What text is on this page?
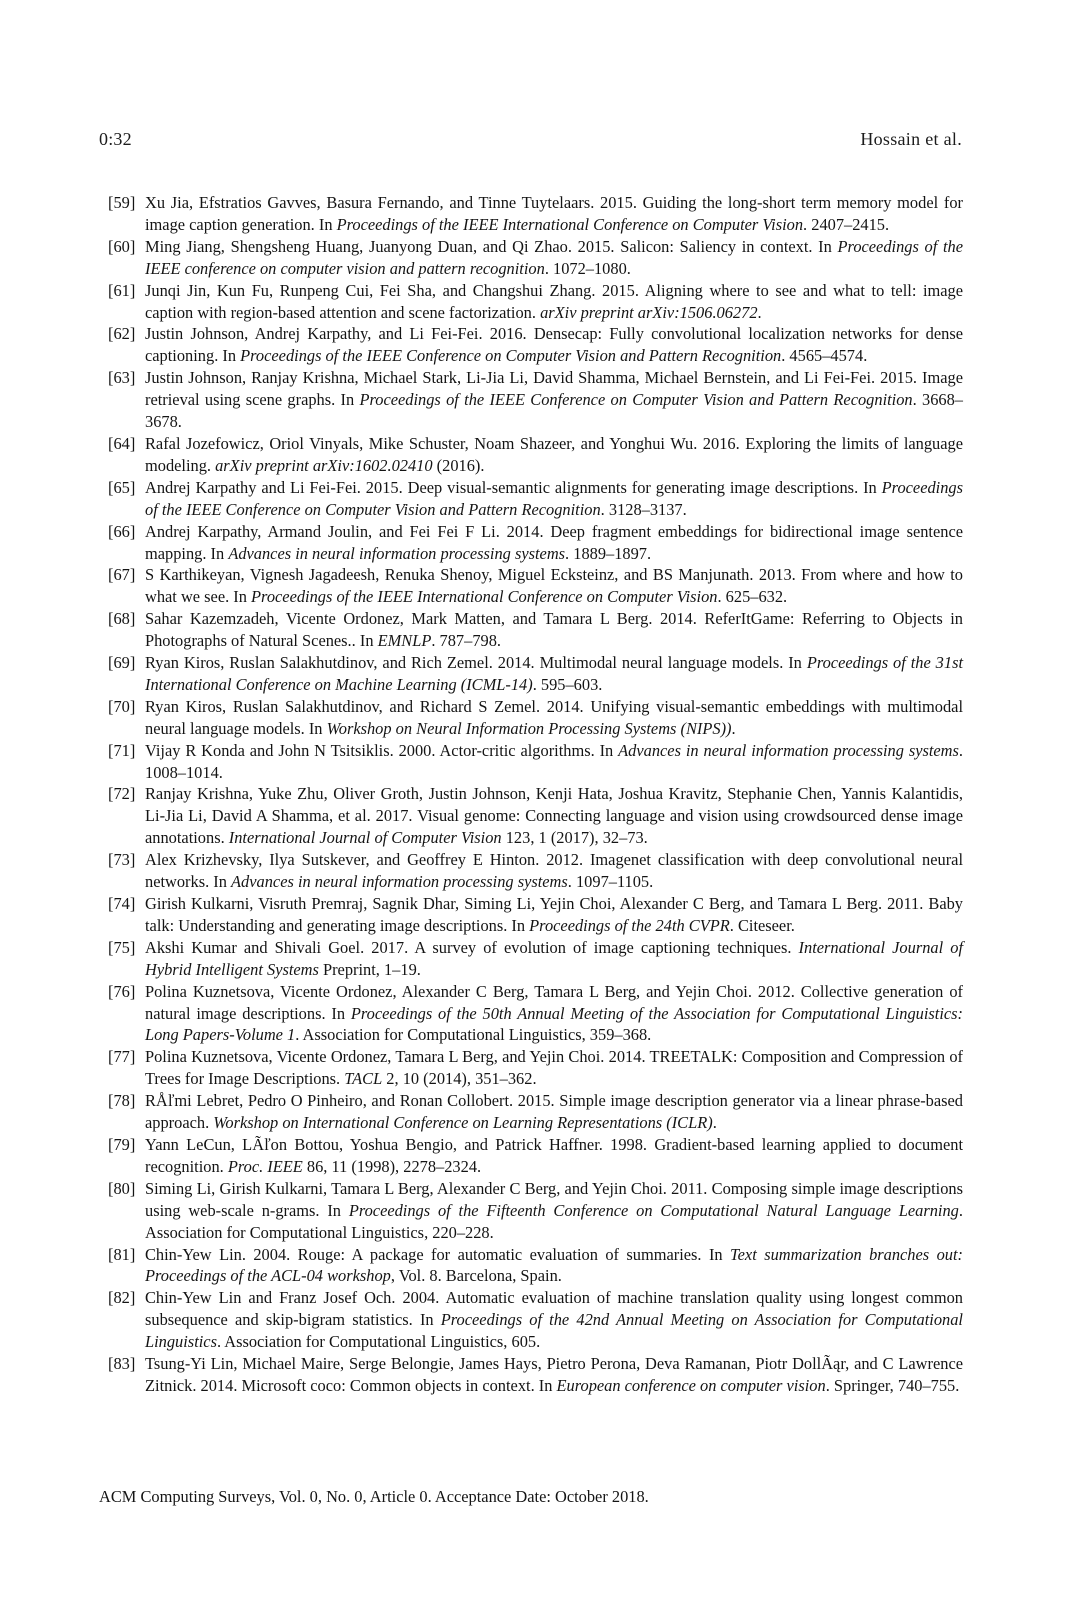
0:32	Hossain et al.
[59] Xu Jia, Efstratios Gavves, Basura Fernando, and Tinne Tuytelaars. 2015. Guiding the long-short term memory model for image caption generation. In Proceedings of the IEEE International Conference on Computer Vision. 2407–2415.
[60] Ming Jiang, Shengsheng Huang, Juanyong Duan, and Qi Zhao. 2015. Salicon: Saliency in context. In Proceedings of the IEEE conference on computer vision and pattern recognition. 1072–1080.
[61] Junqi Jin, Kun Fu, Runpeng Cui, Fei Sha, and Changshui Zhang. 2015. Aligning where to see and what to tell: image caption with region-based attention and scene factorization. arXiv preprint arXiv:1506.06272.
[62] Justin Johnson, Andrej Karpathy, and Li Fei-Fei. 2016. Densecap: Fully convolutional localization networks for dense captioning. In Proceedings of the IEEE Conference on Computer Vision and Pattern Recognition. 4565–4574.
[63] Justin Johnson, Ranjay Krishna, Michael Stark, Li-Jia Li, David Shamma, Michael Bernstein, and Li Fei-Fei. 2015. Image retrieval using scene graphs. In Proceedings of the IEEE Conference on Computer Vision and Pattern Recognition. 3668–3678.
[64] Rafal Jozefowicz, Oriol Vinyals, Mike Schuster, Noam Shazeer, and Yonghui Wu. 2016. Exploring the limits of language modeling. arXiv preprint arXiv:1602.02410 (2016).
[65] Andrej Karpathy and Li Fei-Fei. 2015. Deep visual-semantic alignments for generating image descriptions. In Proceedings of the IEEE Conference on Computer Vision and Pattern Recognition. 3128–3137.
[66] Andrej Karpathy, Armand Joulin, and Fei Fei F Li. 2014. Deep fragment embeddings for bidirectional image sentence mapping. In Advances in neural information processing systems. 1889–1897.
[67] S Karthikeyan, Vignesh Jagadeesh, Renuka Shenoy, Miguel Ecksteinz, and BS Manjunath. 2013. From where and how to what we see. In Proceedings of the IEEE International Conference on Computer Vision. 625–632.
[68] Sahar Kazemzadeh, Vicente Ordonez, Mark Matten, and Tamara L Berg. 2014. ReferItGame: Referring to Objects in Photographs of Natural Scenes.. In EMNLP. 787–798.
[69] Ryan Kiros, Ruslan Salakhutdinov, and Rich Zemel. 2014. Multimodal neural language models. In Proceedings of the 31st International Conference on Machine Learning (ICML-14). 595–603.
[70] Ryan Kiros, Ruslan Salakhutdinov, and Richard S Zemel. 2014. Unifying visual-semantic embeddings with multimodal neural language models. In Workshop on Neural Information Processing Systems (NIPS)).
[71] Vijay R Konda and John N Tsitsiklis. 2000. Actor-critic algorithms. In Advances in neural information processing systems. 1008–1014.
[72] Ranjay Krishna, Yuke Zhu, Oliver Groth, Justin Johnson, Kenji Hata, Joshua Kravitz, Stephanie Chen, Yannis Kalantidis, Li-Jia Li, David A Shamma, et al. 2017. Visual genome: Connecting language and vision using crowdsourced dense image annotations. International Journal of Computer Vision 123, 1 (2017), 32–73.
[73] Alex Krizhevsky, Ilya Sutskever, and Geoffrey E Hinton. 2012. Imagenet classification with deep convolutional neural networks. In Advances in neural information processing systems. 1097–1105.
[74] Girish Kulkarni, Visruth Premraj, Sagnik Dhar, Siming Li, Yejin Choi, Alexander C Berg, and Tamara L Berg. 2011. Baby talk: Understanding and generating image descriptions. In Proceedings of the 24th CVPR. Citeseer.
[75] Akshi Kumar and Shivali Goel. 2017. A survey of evolution of image captioning techniques. International Journal of Hybrid Intelligent Systems Preprint, 1–19.
[76] Polina Kuznetsova, Vicente Ordonez, Alexander C Berg, Tamara L Berg, and Yejin Choi. 2012. Collective generation of natural image descriptions. In Proceedings of the 50th Annual Meeting of the Association for Computational Linguistics: Long Papers-Volume 1. Association for Computational Linguistics, 359–368.
[77] Polina Kuznetsova, Vicente Ordonez, Tamara L Berg, and Yejin Choi. 2014. TREETALK: Composition and Compression of Trees for Image Descriptions. TACL 2, 10 (2014), 351–362.
[78] RÅľmi Lebret, Pedro O Pinheiro, and Ronan Collobert. 2015. Simple image description generator via a linear phrase-based approach. Workshop on International Conference on Learning Representations (ICLR).
[79] Yann LeCun, LÃľon Bottou, Yoshua Bengio, and Patrick Haffner. 1998. Gradient-based learning applied to document recognition. Proc. IEEE 86, 11 (1998), 2278–2324.
[80] Siming Li, Girish Kulkarni, Tamara L Berg, Alexander C Berg, and Yejin Choi. 2011. Composing simple image descriptions using web-scale n-grams. In Proceedings of the Fifteenth Conference on Computational Natural Language Learning. Association for Computational Linguistics, 220–228.
[81] Chin-Yew Lin. 2004. Rouge: A package for automatic evaluation of summaries. In Text summarization branches out: Proceedings of the ACL-04 workshop, Vol. 8. Barcelona, Spain.
[82] Chin-Yew Lin and Franz Josef Och. 2004. Automatic evaluation of machine translation quality using longest common subsequence and skip-bigram statistics. In Proceedings of the 42nd Annual Meeting on Association for Computational Linguistics. Association for Computational Linguistics, 605.
[83] Tsung-Yi Lin, Michael Maire, Serge Belongie, James Hays, Pietro Perona, Deva Ramanan, Piotr DollÃąr, and C Lawrence Zitnick. 2014. Microsoft coco: Common objects in context. In European conference on computer vision. Springer, 740–755.
ACM Computing Surveys, Vol. 0, No. 0, Article 0. Acceptance Date: October 2018.
